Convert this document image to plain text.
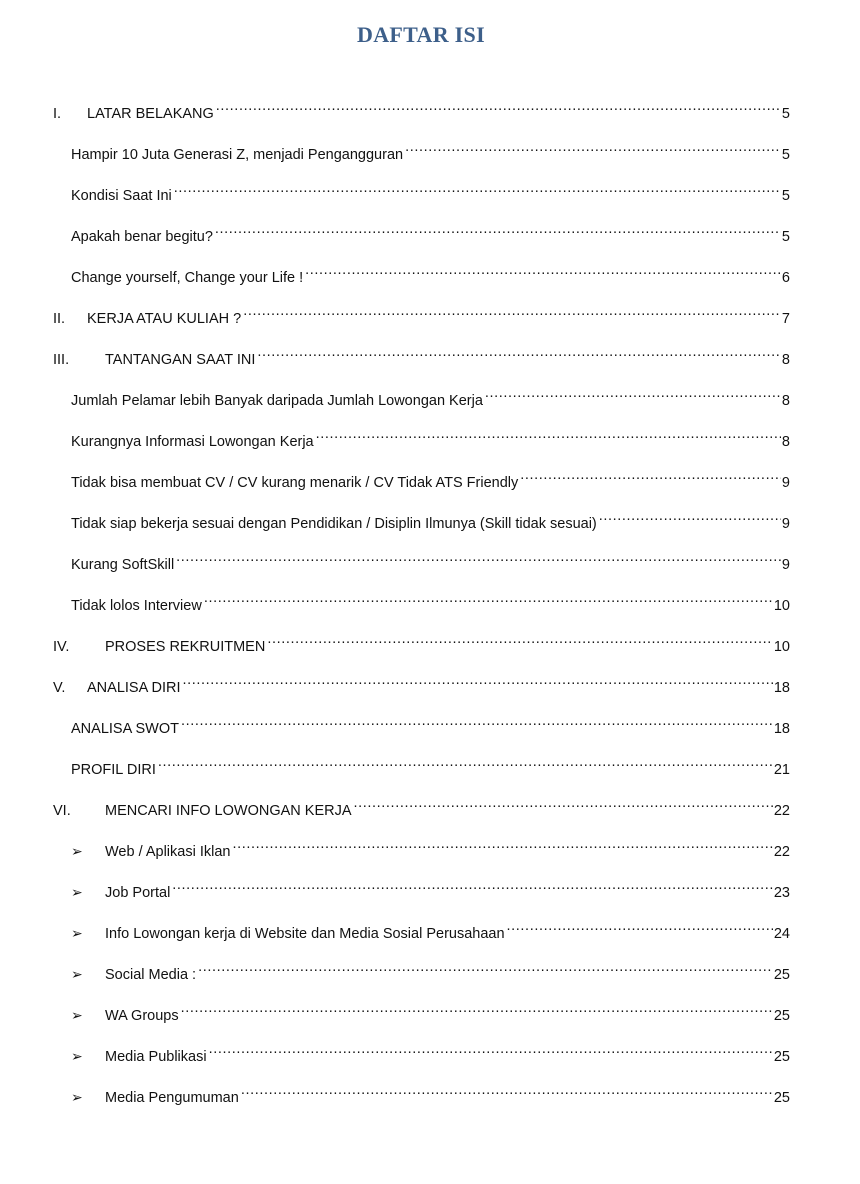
DAFTAR ISI
I.	LATAR BELAKANG .....	5
Hampir 10 Juta Generasi Z, menjadi Pengangguran .....	5
Kondisi Saat Ini .....	5
Apakah benar begitu? .....	5
Change yourself, Change your Life ! .....	6
II.	KERJA ATAU KULIAH ? .....	7
III.	TANTANGAN SAAT INI .....	8
Jumlah Pelamar lebih Banyak daripada Jumlah Lowongan Kerja .....	8
Kurangnya Informasi Lowongan Kerja .....	8
Tidak bisa membuat CV / CV kurang menarik / CV Tidak ATS Friendly .....	9
Tidak siap bekerja sesuai dengan Pendidikan / Disiplin Ilmunya (Skill tidak sesuai) .....	9
Kurang SoftSkill .....	9
Tidak lolos Interview .....	10
IV.	PROSES REKRUITMEN .....	10
V.	ANALISA DIRI .....	18
ANALISA SWOT .....	18
PROFIL DIRI .....	21
VI.	MENCARI INFO LOWONGAN KERJA .....	22
➢	Web / Aplikasi Iklan .....	22
➢	Job Portal .....	23
➢	Info Lowongan kerja di Website dan Media Sosial Perusahaan .....	24
➢	Social Media : .....	25
➢	WA Groups .....	25
➢	Media Publikasi .....	25
➢	Media Pengumuman .....	25
